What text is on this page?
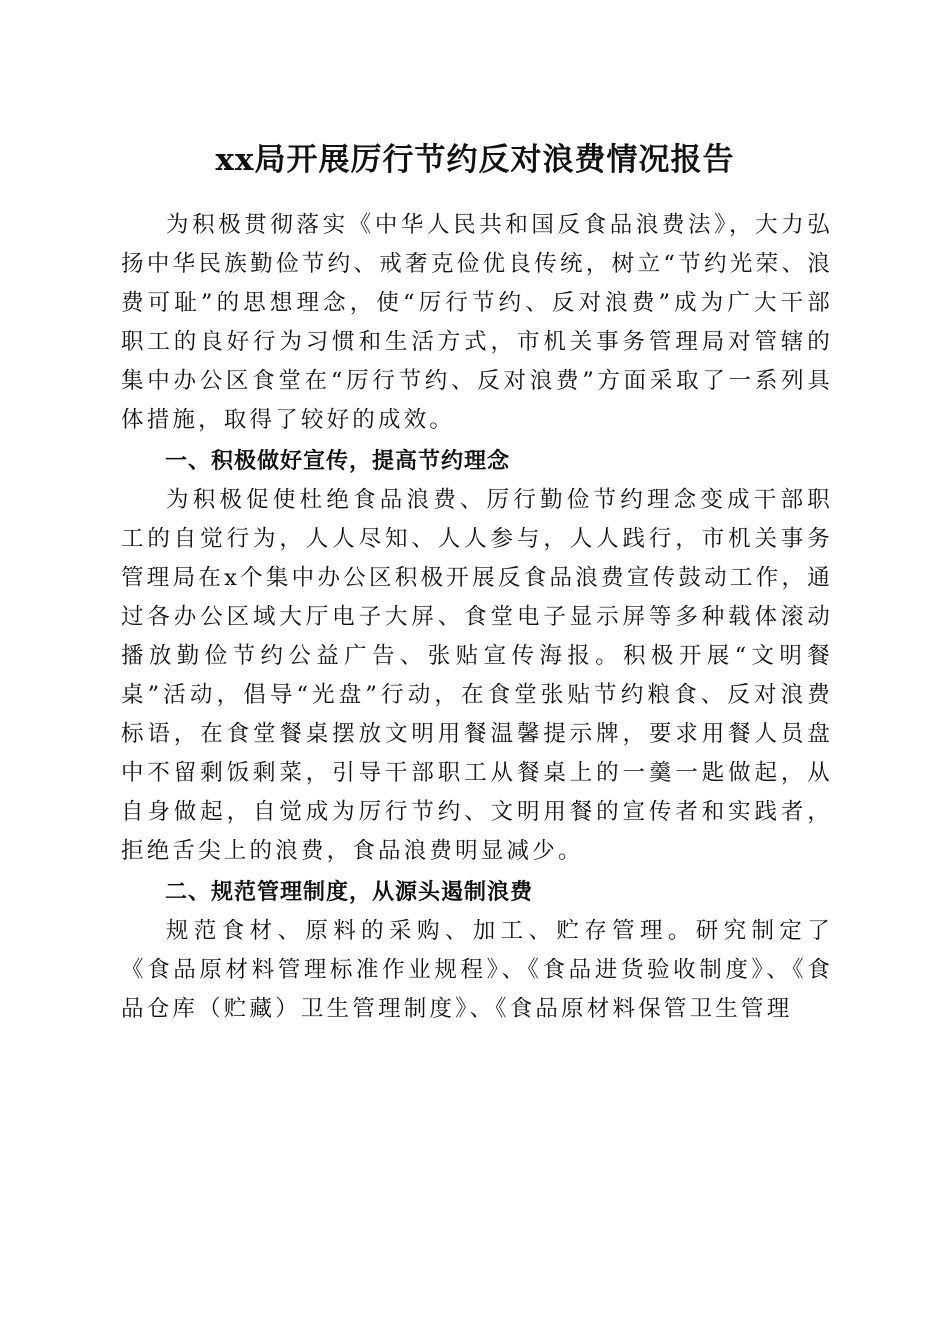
xx局开展厉行节约反对浪费情况报告

为积极贯彻落实《中华人民共和国反食品浪费法》，大力弘扬中华民族勤俭节约、戒奢克俭优良传统，树立“节约光荣、浪费可耻”的思想理念，使“厉行节约、反对浪费”成为广大干部职工的良好行为习惯和生活方式，市机关事务管理局对管辖的集中办公区食堂在“厉行节约、反对浪费”方面采取了一系列具体措施，取得了较好的成效。

一、积极做好宣传，提高节约理念

为积极促使杜绝食品浪费、厉行勤俭节约理念变成干部职工的自觉行为，人人尽知、人人参与，人人践行，市机关事务管理局在x个集中办公区积极开展反食品浪费宣传鼓动工作，通过各办公区域大厅电子大屏、食堂电子显示屏等多种载体滚动播放勤俭节约公益广告、张贴宣传海报。积极开展“文明餐桌”活动，倡导“光盘”行动，在食堂张贴节约粮食、反对浪费标语，在食堂餐桌摆放文明用餐温馨提示牌，要求用餐人员盘中不留剩饭剩菜，引导干部职工从餐桌上的一羹一匙做起，从自身做起，自觉成为厉行节约、文明用餐的宣传者和实践者，拒绝舌尖上的浪费，食品浪费明显减少。

二、规范管理制度，从源头遏制浪费

规范食材、原料的采购、加工、贮存管理。研究制定了《食品原材料管理标准作业规程》、《食品进货验收制度》、《食品仓库（贮藏）卫生管理制度》、《食品原材料保管卫生管理
